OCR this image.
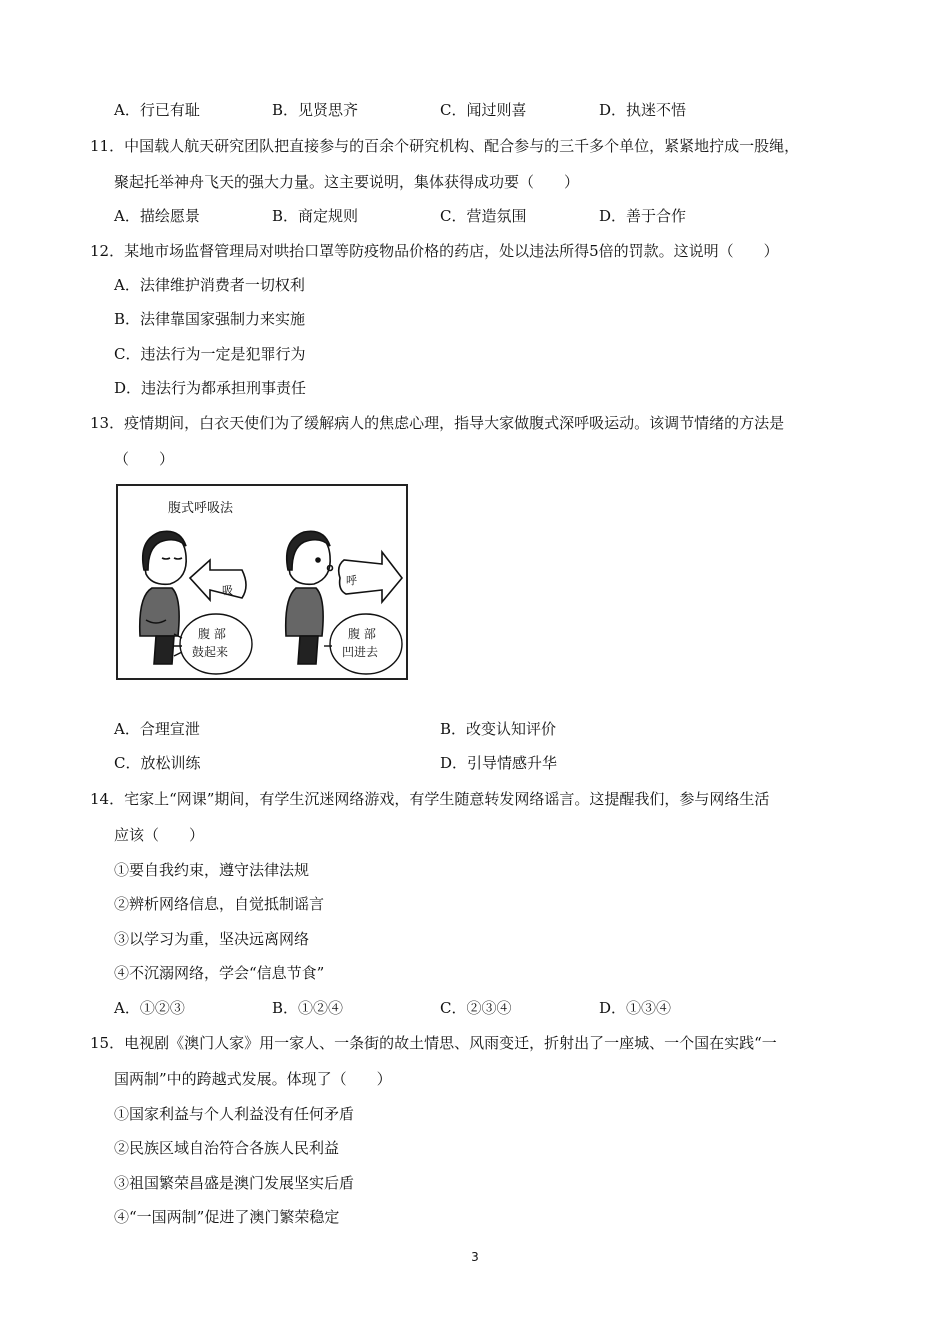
A．行已有耻	B．见贤思齐	C．闻过则喜	D．执迷不悟
11．中国载人航天研究团队把直接参与的百余个研究机构、配合参与的三千多个单位，紧紧地拧成一股绳，
聚起托举神舟飞天的强大力量。这主要说明，集体获得成功要（　　）
A．描绘愿景	B．商定规则	C．营造氛围	D．善于合作
12．某地市场监督管理局对哄抬口罩等防疫物品价格的药店，处以违法所得5倍的罚款。这说明（　　）
A．法律维护消费者一切权利
B．法律靠国家强制力来实施
C．违法行为一定是犯罪行为
D．违法行为都承担刑事责任
13．疫情期间，白衣天使们为了缓解病人的焦虑心理，指导大家做腹式深呼吸运动。该调节情绪的方法是
（　　）
腹式呼吸法
吸
腹 部
鼓起来
呼
腹 部
凹进去
A．合理宣泄	B．改变认知评价
C．放松训练	D．引导情感升华
14．宅家上“网课”期间，有学生沉迷网络游戏，有学生随意转发网络谣言。这提醒我们，参与网络生活
应该（　　）
①要自我约束，遵守法律法规
②辨析网络信息，自觉抵制谣言
③以学习为重，坚决远离网络
④不沉溺网络，学会“信息节食”
A．①②③	B．①②④	C．②③④	D．①③④
15．电视剧《澳门人家》用一家人、一条街的故土情思、风雨变迁，折射出了一座城、一个国在实践“一
国两制”中的跨越式发展。体现了（　　）
①国家利益与个人利益没有任何矛盾
②民族区域自治符合各族人民利益
③祖国繁荣昌盛是澳门发展坚实后盾
④“一国两制”促进了澳门繁荣稳定
3
